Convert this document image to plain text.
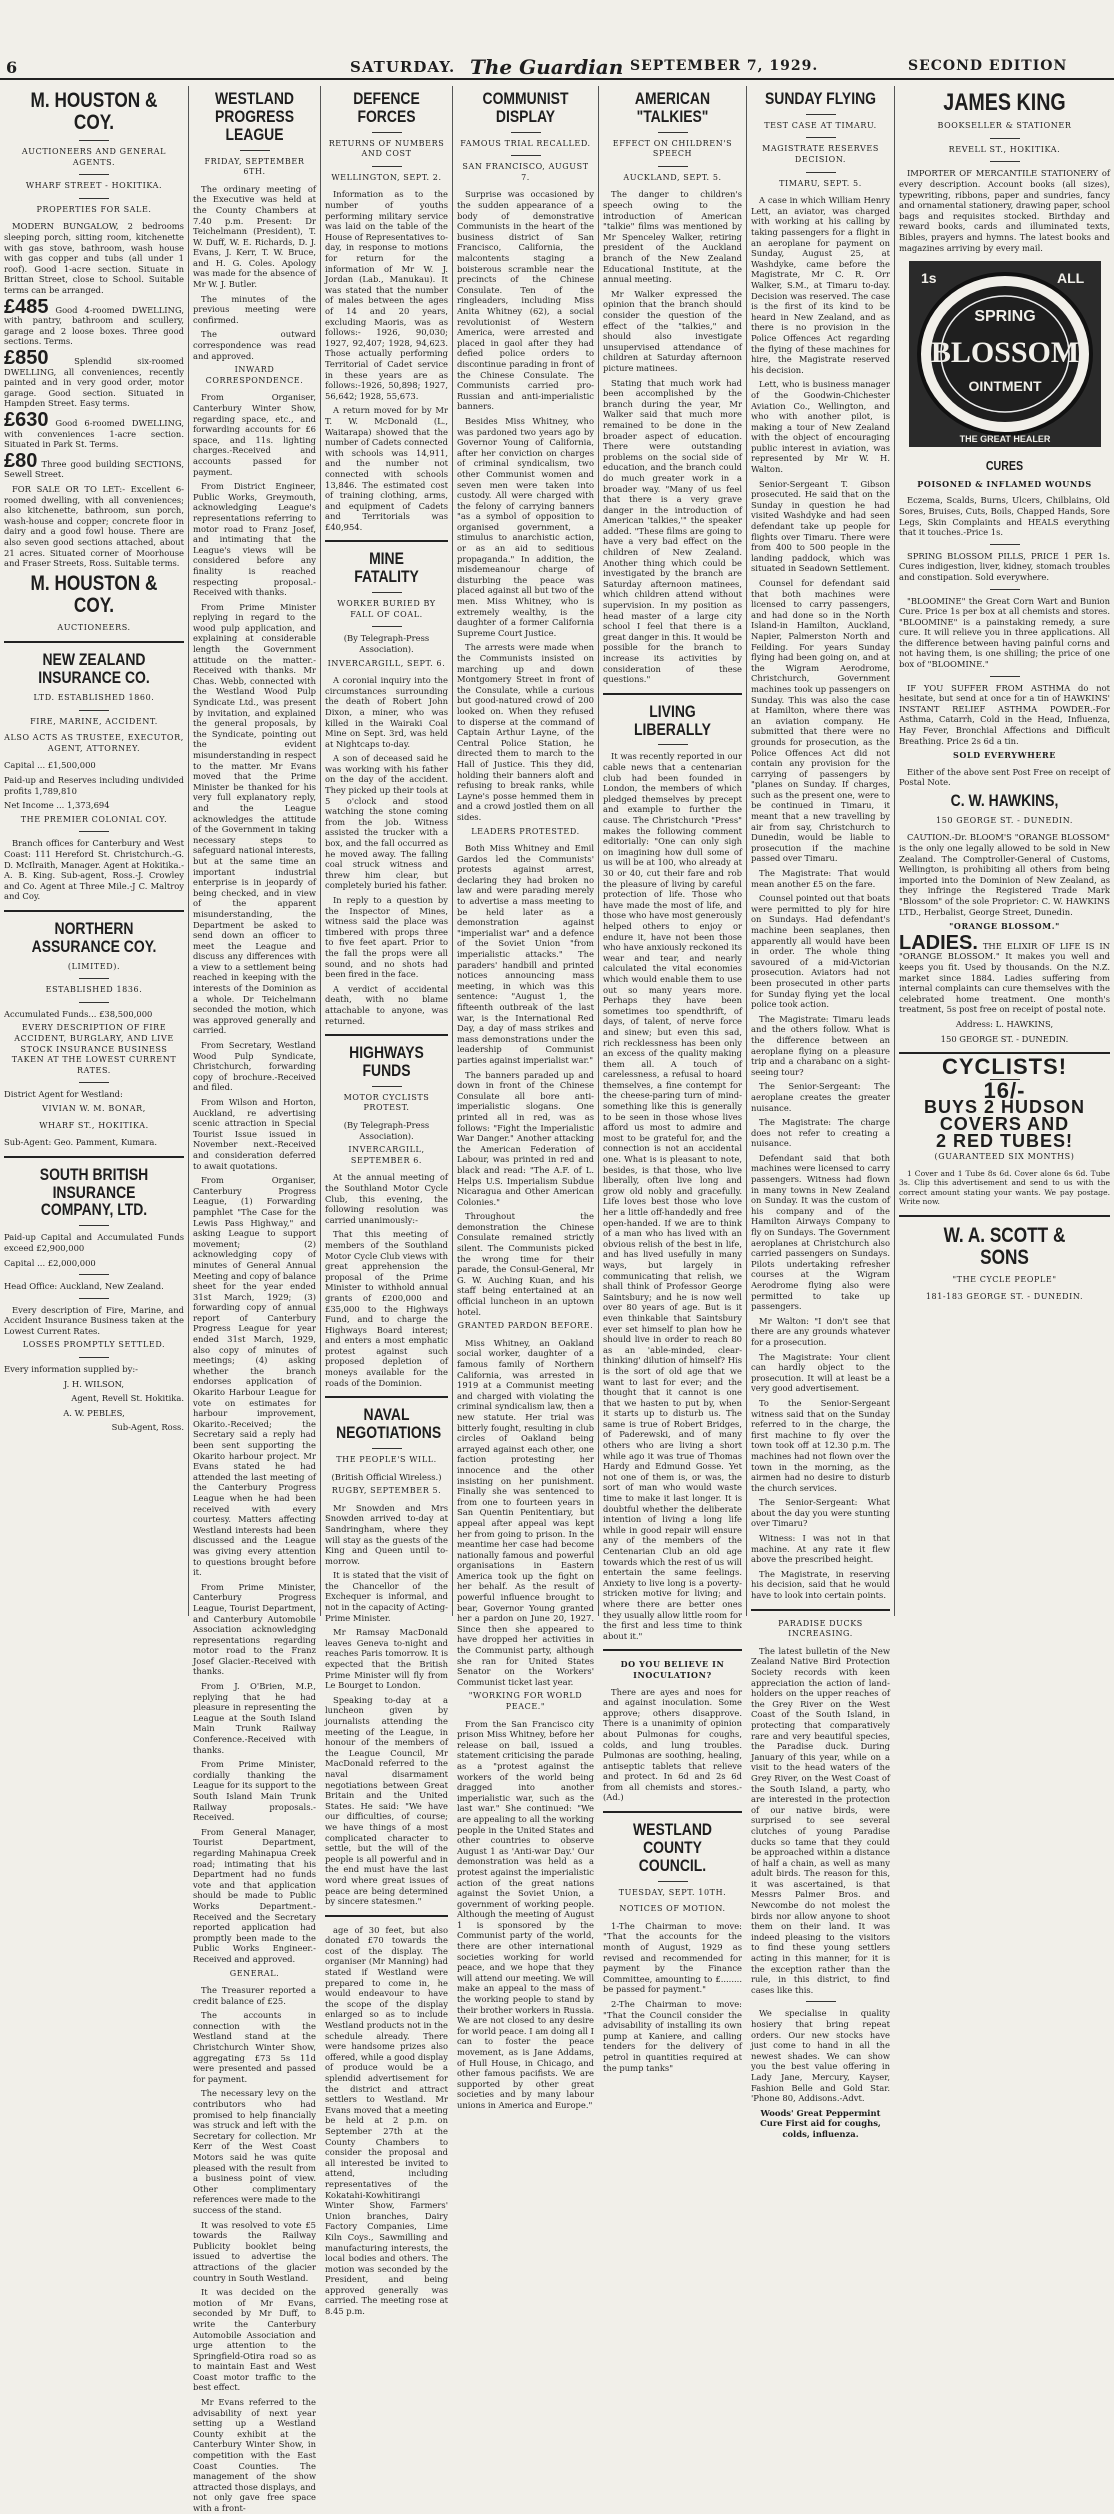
6	SATURDAY. The Guardian SEPTEMBER 7, 1929.	SECOND EDITION
M. HOUSTON & COY.
AUCTIONEERS AND GENERAL AGENTS.
WHARF STREET - HOKITIKA.
PROPERTIES FOR SALE.

MODERN BUNGALOW, 2 bedrooms sleeping porch, sitting room, kitchenette with gas stove, bathroom, wash house with gas copper and tubs (all under 1 roof). Good 1-acre section. Situate in Brittan Street, close to School. Suitable terms can be arranged.

£485 Good 4-roomed DWELLING, with pantry, bathroom and scullery, garage and 2 loose boxes. Three good sections. Terms.

£850	Splendid six-roomed DWELLING, all conveniences, recently painted and in very good order, motor garage. Good section. Situated in Hampden Street. Easy terms.

£630 Good 6-roomed DWELLING, with conveniences 1-acre section. Situated in Park St. Terms.

£80 Three good building SECTIONS, Sewell Street.

FOR SALE OR TO LET:- Excellent 6-roomed dwelling, with all conveniences; also kitchenette, bathroom, sun porch, wash-house and copper; concrete floor in dairy and a good fowl house. There are also seven good sections attached, about 21 acres. Situated corner of Moorhouse and Fraser Streets, Ross. Suitable terms.

M. HOUSTON & COY.
AUCTIONEERS.
NEW ZEALAND INSURANCE CO.
LTD. ESTABLISHED 1860.
FIRE, MARINE, ACCIDENT.
ALSO ACTS AS TRUSTEE, EXECUTOR, AGENT, ATTORNEY.

Capital ... £1,500,000

Paid-up and Reserves including undivided profits 1,789,810

Net Income ... 1,373,694

THE PREMIER COLONIAL COY.

Branch offices for Canterbury and West Coast: 111 Hereford St. Christchurch.-G. D. McIlraith, Manager. Agent at Hokitika.-A. B. King. Sub-agent, Ross.-J. Crowley and Co. Agent at Three Mile.-J C. Maltroy and Coy.

NORTHERN ASSURANCE COY.
(LIMITED).
ESTABLISHED 1836.

Accumulated Funds... £38,500,000

EVERY DESCRIPTION OF FIRE ACCIDENT, BURGLARY, AND LIVE STOCK INSURANCE BUSINESS TAKEN AT THE LOWEST CURRENT RATES.

District Agent for Westland:

VIVIAN W. M. BONAR,
WHARF ST., HOKITIKA.

Sub-Agent: Geo. Pamment, Kumara.

SOUTH BRITISH INSURANCE COMPANY, LTD.

Paid-up Capital and Accumulated Funds exceed £2,900,000

Capital ... £2,000,000

Head Office: Auckland, New Zealand.

Every description of Fire, Marine, and Accident Insurance Business taken at the Lowest Current Rates.

LOSSES PROMPTLY SETTLED.

Every information supplied by:-

J. H. WILSON,

Agent, Revell St. Hokitika.

A. W. PEBLES,

Sub-Agent, Ross.

WESTLAND PROGRESS LEAGUE
FRIDAY, SEPTEMBER 6TH.

The ordinary meeting of the Executive was held at the County Chambers at 7.40 p.m. Present: Dr Teichelmann (President), T. W. Duff, W. E. Richards, D. J. Evans, J. Kerr, T. W. Bruce, and H. G. Coles. Apology was made for the absence of Mr W. J. Butler.

The minutes of the previous meeting were confirmed.

The outward correspondence was read and approved.

INWARD CORRESPONDENCE.

From Organiser, Canterbury Winter Show, regarding space, etc., and forwarding accounts for £6 space, and 11s. lighting charges.-Received and accounts passed for payment.

From District Engineer, Public Works, Greymouth, acknowledging League's representations referring to motor road to Franz Josef, and intimating that the League's views will be considered before any finality is reached respecting proposal.-Received with thanks.

From Prime Minister replying in regard to the wood pulp application, and explaining at considerable length the Government attitude on the matter.-Received with thanks. Mr Chas. Webb, connected with the Westland Wood Pulp Syndicate Ltd., was present by invitation, and explained the general proposals, by the Syndicate, pointing out the evident misunderstanding in respect to the matter. Mr Evans moved that the Prime Minister be thanked for his very full explanatory reply, and the League acknowledges the attitude of the Government in taking necessary steps to safeguard national interests, but at the same time an important industrial enterprise is in jeopardy of being checked, and in view of the apparent misunderstanding, the Department be asked to send down an officer to meet the League and discuss any differences with a view to a settlement being reached in keeping with the interests of the Dominion as a whole. Dr Teichelmann seconded the motion, which was approved generally and carried.

From Secretary, Westland Wood Pulp Syndicate, Christchurch, forwarding copy of brochure.-Received and filed.

From Wilson and Horton, Auckland, re advertising scenic attraction in Special Tourist Issue issued in November next.-Received and consideration deferred to await quotations.

From Organiser, Canterbury Progress League, (1) Forwarding pamphlet "The Case for the Lewis Pass Highway," and asking League to support movement; (2) acknowledging copy of minutes of General Annual Meeting and copy of balance sheet for the year ended 31st March, 1929; (3) forwarding copy of annual report of Canterbury Progress League for year ended 31st March, 1929, also copy of minutes of meetings; (4) asking whether the branch endorses application of Okarito Harbour League for vote on estimates for harbour improvement, Okarito.-Received; the Secretary said a reply had been sent supporting the Okarito harbour project. Mr Evans stated he had attended the last meeting of the Canterbury Progress League when he had been received with every courtesy. Matters affecting Westland interests had been discussed and the League was giving every attention to questions brought before it.

From Prime Minister, Canterbury Progress League, Tourist Department, and Canterbury Automobile Association acknowledging representations regarding motor road to the Franz Josef Glacier.-Received with thanks.

From J. O'Brien, M.P., replying that he had pleasure in representing the League at the South Island Main Trunk Railway Conference.-Received with thanks.

From Prime Minister, cordially thanking the League for its support to the South Island Main Trunk Railway proposals.-Received.

From General Manager, Tourist Department, regarding Mahinapua Creek road; intimating that his Department had no funds vote and that application should be made to Public Works Department.-Received and the Secretary reported application had promptly been made to the Public Works Engineer.-Received and approved.

GENERAL.

The Treasurer reported a credit balance of £25.

The accounts in connection with the Westland stand at the Christchurch Winter Show, aggregating £73 5s 11d were presented and passed for payment.

The necessary levy on the contributors who had promised to help financially was struck and left with the Secretary for collection. Mr Kerr of the West Coast Motors said he was quite pleased with the result from a business point of view. Other complimentary references were made to the success of the stand.

It was resolved to vote £5 towards the Railway Publicity booklet being issued to advertise the attractions of the glacier country in South Westland.

It was decided on the motion of Mr Evans, seconded by Mr Duff, to write the Canterbury Automobile Association and urge attention to the Springfield-Otira road so as to maintain East and West Coast motor traffic to the best effect.

Mr Evans referred to the advisability of next year setting up a Westland County exhibit at the Canterbury Winter Show, in competition with the East Coast Counties. The management of the show attracted those displays, and not only gave free space with a front-

DEFENCE FORCES
RETURNS OF NUMBERS AND COST
WELLINGTON, SEPT. 2.

Information as to the number of youths performing military service was laid on the table of the House of Representatives to-day, in response to motions for return for the information of Mr W. J. Jordan (Lab., Manukau). It was stated that the number of males between the ages of 14 and 20 years, excluding Maoris, was as follows:- 1926, 90,030; 1927, 92,407; 1928, 94,623. Those actually performing Territorial of Cadet service in these years are as follows:-1926, 50,898; 1927, 56,642; 1928, 55,673.

A return moved for by Mr T. W. McDonald (L., Waitarapa) showed that the number of Cadets connected with schools was 14,911, and the number not connected with schools 13,846. The estimated cost of training clothing, arms, and equipment of Cadets and Territorials was £40,954.

MINE FATALITY
WORKER BURIED BY FALL OF COAL.

(By Telegraph-Press Association).

INVERCARGILL, SEPT. 6.

A coronial inquiry into the circumstances surrounding the death of Robert John Dixon, a miner, who was killed in the Wairaki Coal Mine on Sept. 3rd, was held at Nightcaps to-day.

A son of deceased said he was working with his father on the day of the accident. They picked up their tools at 5 o'clock and stood watching the stone coming from the job. Witness assisted the trucker with a box, and the fall occurred as he moved away. The falling coal struck witness and threw him clear, but completely buried his father.

In reply to a question by the Inspector of Mines, witness said the place was timbered with props three to five feet apart. Prior to the fall the props were all sound, and no shots had been fired in the face.

A verdict of accidental death, with no blame attachable to anyone, was returned.

HIGHWAYS FUNDS
MOTOR CYCLISTS PROTEST.

(By Telegraph-Press Association).

INVERCARGILL, SEPTEMBER 6.

At the annual meeting of the Southland Motor Cycle Club, this evening, the following resolution was carried unanimously:-

That this meeting of members of the Southland Motor Cycle Club views with great apprehension the proposal of the Prime Minister to withhold annual grants of £200,000 and £35,000 to the Highways Fund, and to charge the Highways Board interest; and enters a most emphatic protest against such proposed depletion of moneys available for the roads of the Dominion.

NAVAL NEGOTIATIONS
THE PEOPLE'S WILL.

(British Official Wireless.)

RUGBY, SEPTEMBER 5.

Mr Snowden and Mrs Snowden arrived to-day at Sandringham, where they will stay as the guests of the King and Queen until to-morrow.

It is stated that the visit of the Chancellor of the Exchequer is informal, and not in the capacity of Acting-Prime Minister.

Mr Ramsay MacDonald leaves Geneva to-night and reaches Paris tomorrow. It is expected that the British Prime Minister will fly from Le Bourget to London.

Speaking to-day at a luncheon given by journalists attending the meeting of the League, in honour of the members of the League Council, Mr MacDonald referred to the naval disarmament negotiations between Great Britain and the United States. He said: "We have our difficulties, of course; we have things of a most complicated character to settle, but the will of the people is all powerful and in the end must have the last word where great issues of peace are being determined by sincere statesmen."

age of 30 feet, but also donated £70 towards the cost of the display. The organiser (Mr Manning) had stated if Westland were prepared to come in, he would endeavour to have the scope of the display enlarged so as to include Westland products not in the schedule already. There were handsome prizes also offered, while a good display of produce would be a splendid advertisement for the district and attract settlers to Westland. Mr Evans moved that a meeting be held at 2 p.m. on September 27th at the County Chambers to consider the proposal and all interested be invited to attend, including representatives of the Kokatahi-Kowhitirangi Winter Show, Farmers' Union branches, Dairy Factory Companies, Lime Kiln Coys., Sawmilling and manufacturing interests, the local bodies and others. The motion was seconded by the President, and being approved generally was carried. The meeting rose at 8.45 p.m.

COMMUNIST DISPLAY
FAMOUS TRIAL RECALLED.
SAN FRANCISCO, AUGUST 7.

Surprise was occasioned by the sudden appearance of a body of demonstrative Communists in the heart of the business district of San Francisco, California, the malcontents staging a boisterous scramble near the precincts of the Chinese Consulate. Ten of the ringleaders, including Miss Anita Whitney (62), a social revolutionist of Western America, were arrested and placed in gaol after they had defied police orders to discontinue parading in front of the Chinese Consulate. The Communists carried pro-Russian and anti-imperialistic banners.

Besides Miss Whitney, who was pardoned two years ago by Governor Young of California, after her conviction on charges of criminal syndicalism, two other Communist women and seven men were taken into custody. All were charged with the felony of carrying banners "as a symbol of opposition to organised government, a stimulus to anarchistic action, or as an aid to seditious propaganda." In addition, the misdemeanour charge of disturbing the peace was placed against all but two of the men. Miss Whitney, who is extremely wealthy, is the daughter of a former California Supreme Court Justice.

The arrests were made when the Communists insisted on marching up and down Montgomery Street in front of the Consulate, while a curious but good-natured crowd of 200 looked on. When they refused to disperse at the command of Captain Arthur Layne, of the Central Police Station, he directed them to march to the Hall of Justice. This they did, holding their banners aloft and refusing to break ranks, while Layne's posse hemmed them in and a crowd jostled them on all sides.

LEADERS PROTESTED.

Both Miss Whitney and Emil Gardos led the Communists' protests against arrest, declaring they had broken no law and were parading merely to advertise a mass meeting to be held later as a demonstration against "imperialist war" and a defence of the Soviet Union "from imperialistic attacks." The paraders' handbill and printed notices announcing mass meeting, in which was this sentence: "August 1, the fifteenth outbreak of the last war, is the International Red Day, a day of mass strikes and mass demonstrations under the leadership of Communist parties against imperialist war."

The banners paraded up and down in front of the Chinese Consulate all bore anti-imperialistic slogans. One printed all in red, was as follows: "Fight the Imperialistic War Danger." Another attacking the American Federation of Labour, was printed in red and black and read: "The A.F. of L. Helps U.S. Imperialism Subdue Nicaragua and Other American Colonies."

Throughout the demonstration the Chinese Consulate remained strictly silent. The Communists picked the wrong time for their parade, the Consul-General, Mr G. W. Auching Kuan, and his staff being entertained at an official luncheon in an uptown hotel.

GRANTED PARDON BEFORE.

Miss Whitney, an Oakland social worker, daughter of a famous family of Northern California, was arrested in 1919 at a Communist meeting and charged with violating the criminal syndicalism law, then a new statute. Her trial was bitterly fought, resulting in club circles of Oakland being arrayed against each other, one faction protesting her innocence and the other insisting on her punishment. Finally she was sentenced to from one to fourteen years in San Quentin Penitentiary, but appeal after appeal was kept her from going to prison. In the meantime her case had become nationally famous and powerful organisations in Eastern America took up the fight on her behalf. As the result of powerful influence brought to bear, Governor Young granted her a pardon on June 20, 1927. Since then she appeared to have dropped her activities in the Communist party, although she ran for United States Senator on the Workers' Communist ticket last year.

"WORKING FOR WORLD PEACE."

From the San Francisco city prison Miss Whitney, before her release on bail, issued a statement criticising the parade as a "protest against the workers of the world being dragged into another imperialistic war, such as the last war." She continued: "We are appealing to all the working people in the United States and other countries to observe August 1 as 'Anti-war Day.' Our demonstration was held as a protest against the imperialistic action of the great nations against the Soviet Union, a government of working people. Although the meeting of August 1 is sponsored by the Communist party of the world, there are other international societies working for world peace, and we hope that they will attend our meeting. We will make an appeal to the mass of the working people to stand by their brother workers in Russia. We are not closed to any desire for world peace. I am doing all I can to foster the peace movement, as is Jane Addams, of Hull House, in Chicago, and other famous pacifists. We are supported by other great societies and by many labour unions in America and Europe."

AMERICAN "TALKIES"
EFFECT ON CHILDREN'S SPEECH
AUCKLAND, SEPT. 5.

The danger to children's speech owing to the introduction of American "talkie" films was mentioned by Mr Spenceley Walker, retiring president of the Auckland branch of the New Zealand Educational Institute, at the annual meeting.

Mr Walker expressed the opinion that the branch should consider the question of the effect of the "talkies," and should also investigate unsupervised attendance of children at Saturday afternoon picture matinees.

Stating that much work had been accomplished by the branch during the year, Mr Walker said that much more remained to be done in the broader aspect of education. There were outstanding problems on the social side of education, and the branch could do much greater work in a broader way. "Many of us feel that there is a very grave danger in the introduction of American 'talkies,'" the speaker added. "These films are going to have a very bad effect on the children of New Zealand. Another thing which could be investigated by the branch are Saturday afternoon matinees, which children attend without supervision. In my position as head master of a large city school I feel that there is a great danger in this. It would be possible for the branch to increase its activities by consideration of these questions."

LIVING LIBERALLY

It was recently reported in our cable news that a centenarian club had been founded in London, the members of which pledged themselves by precept and example to further the cause. The Christchurch "Press" makes the following comment editorially: "One can only sigh on imagining how dull some of us will be at 100, who already at 30 or 40, cut their fare and rob the pleasure of living by careful protection of life. Those who have made the most of life, and those who have most generously helped others to enjoy or endure it, have not been those who have anxiously reckoned its wear and tear, and nearly calculated the vital economies which would enable them to use out so many years more. Perhaps they have been sometimes too spendthrift, of days, of talent, of nerve force and sinew; but even this sad, rich recklessness has been only an excess of the quality making them all. A touch of carelessness, a refusal to hoard themselves, a fine contempt for the cheese-paring turn of mind-something like this is generally to be seen in those whose lives afford us most to admire and most to be grateful for, and the connection is not an accidental one. What is is pleasant to note, besides, is that those, who live liberally, often live long and grow old nobly and gracefully. Life loves best those who love her a little off-handedly and free open-handed. If we are to think of a man who has lived with an obvious relish of the best in life, and has lived usefully in many ways, but largely in communicating that relish, we shall think of Professor George Saintsbury; and he is now well over 80 years of age. But is it even thinkable that Saintsbury ever set himself to plan how he should live in order to reach 80 as an 'able-minded, clear-thinking' dilution of himself? His is the sort of old age that we want to last for ever; and the thought that it cannot is one that we hasten to put by, when it starts up to disturb us. The same is true of Robert Bridges, of Paderewski, and of many others who are living a short while ago it was true of Thomas Hardy and Edmund Gosse. Yet not one of them is, or was, the sort of man who would waste time to make it last longer. It is doubtful whether the deliberate intention of living a long life while in good repair will ensure any of the members of the Centenarian Club an old age towards which the rest of us will entertain the same feelings. Anxiety to live long is a poverty-stricken motive for living; and where there are better ones they usually allow little room for the first and less time to think about it."

DO YOU BELIEVE IN INOCULATION?

There are ayes and noes for and against inoculation. Some approve; others disapprove. There is a unanimity of opinion about Pulmonas for coughs, colds, and lung troubles. Pulmonas are soothing, healing, antiseptic tablets that relieve and protect. In 6d and 2s 6d from all chemists and stores.-(Ad.)

WESTLAND COUNTY COUNCIL.
TUESDAY, SEPT. 10TH.
NOTICES OF MOTION.

1-The Chairman to move: "That the accounts for the month of August, 1929 as revised and recommended for payment by the Finance Committee, amounting to £........ be passed for payment."

2-The Chairman to move: "That the Council consider the advisability of installing its own pump at Kaniere, and calling tenders for the delivery of petrol in quantities required at the pump tanks"

SUNDAY FLYING
TEST CASE AT TIMARU.
MAGISTRATE RESERVES DECISION.
TIMARU, SEPT. 5.

A case in which William Henry Lett, an aviator, was charged with working at his calling by taking passengers for a flight in an aeroplane for payment on Sunday, August 25, at Washdyke, came before the Magistrate, Mr C. R. Orr Walker, S.M., at Timaru to-day. Decision was reserved. The case is the first of its kind to be heard in New Zealand, and as there is no provision in the Police Offences Act regarding the flying of these machines for hire, the Magistrate reserved his decision.

Lett, who is business manager of the Goodwin-Chichester Aviation Co., Wellington, and who with another pilot, is making a tour of New Zealand with the object of encouraging public interest in aviation, was represented by Mr W. H. Walton.

Senior-Sergeant T. Gibson prosecuted. He said that on the Sunday in question he had visited Washdyke and had seen defendant take up people for flights over Timaru. There were from 400 to 500 people in the landing paddock, which was situated in Seadown Settlement.

Counsel for defendant said that both machines were licensed to carry passengers, and had done so in the North Island-in Hamilton, Auckland, Napier, Palmerston North and Feilding. For years Sunday flying had been going on, and at the Wigram Aerodrome, Christchurch, Government machines took up passengers on Sunday. This was also the case at Hamilton, where there was an aviation company. He submitted that there were no grounds for prosecution, as the Police Offences Act did not contain any provision for the carrying of passengers by "planes on Sunday. If charges, such as the present one, were to be continued in Timaru, it meant that a new travelling by air from say, Christchurch to Dunedin, would be liable to prosecution if the machine passed over Timaru.

The Magistrate: That would mean another £5 on the fare.

Counsel pointed out that boats were permitted to ply for hire on Sundays. Had defendant's machine been seaplanes, then apparently all would have been in order. The whole thing savoured of a mid-Victorian prosecution. Aviators had not been prosecuted in other parts for Sunday flying yet the local police took action.

The Magistrate: Timaru leads and the others follow. What is the difference between an aeroplane flying on a pleasure trip and a charabanc on a sight-seeing tour?

The Senior-Sergeant: The aeroplane creates the greater nuisance.

The Magistrate: The charge does not refer to creating a nuisance.

Defendant said that both machines were licensed to carry passengers. Witness had flown in many towns in New Zealand on Sunday. It was the custom of his company and of the Hamilton Airways Company to fly on Sundays. The Government aeroplanes at Christchurch also carried passengers on Sundays. Pilots undertaking refresher courses at the Wigram Aerodrome flying also were permitted to take up passengers.

Mr Walton: "I don't see that there are any grounds whatever for a prosecution.

The Magistrate: Your client can hardly object to the prosecution. It will at least be a very good advertisement.

To the Senior-Sergeant witness said that on the Sunday referred to in the charge, the first machine to fly over the town took off at 12.30 p.m. The machines had not flown over the town in the morning, as the airmen had no desire to disturb the church services.

The Senior-Sergeant: What about the day you were stunting over Timaru?

Witness: I was not in that machine. At any rate it flew above the prescribed height.

The Magistrate, in reserving his decision, said that he would have to look into certain points.

PARADISE DUCKS INCREASING.

The latest bulletin of the New Zealand Native Bird Protection Society records with keen appreciation the action of land-holders on the upper reaches of the Grey River on the West Coast of the South Island, in protecting that comparatively rare and very beautiful species, the Paradise duck. During January of this year, while on a visit to the head waters of the Grey River, on the West Coast of the South Island, a party, who are interested in the protection of our native birds, were surprised to see several clutches of young Paradise ducks so tame that they could be approached within a distance of half a chain, as well as many adult birds. The reason for this, it was ascertained, is that Messrs Palmer Bros. and Newcombe do not molest the birds nor allow anyone to shoot them on their land. It was indeed pleasing to the visitors to find these young settlers acting in this manner, for it is the exception rather than the rule, in this district, to find cases like this.

We specialise in quality hosiery that bring repeat orders. Our new stocks have just come to hand in all the newest shades. We can show you the best value offering in Lady Jane, Mercury, Kayser, Fashion Belle and Gold Star. 'Phone 80, Addisons.-Advt.

Woods' Great Peppermint Cure First aid for coughs, colds, influenza.

JAMES KING
BOOKSELLER & STATIONER
REVELL ST., HOKITIKA.

IMPORTER OF MERCANTILE STATIONERY of every description. Account books (all sizes), typewriting, ribbons, paper and sundries, fancy and ornamental stationery, drawing paper, school bags and requisites stocked. Birthday and reward books, cards and illuminated texts, Bibles, prayers and hymns. The latest books and magazines arriving by every mail.

SPRING
BLOSSOM
OINTMENT
1s	ALL
THE GREAT HEALER
CURES
POISONED & INFLAMED WOUNDS

Eczema, Scalds, Burns, Ulcers, Chilblains, Old Sores, Bruises, Cuts, Boils, Chapped Hands, Sore Legs, Skin Complaints and HEALS everything that it touches.-Price 1s.

SPRING BLOSSOM PILLS, PRICE 1 PER 1s. Cures indigestion, liver, kidney, stomach troubles and constipation. Sold everywhere.

"BLOOMINE" the Great Corn Wart and Bunion Cure. Price 1s per box at all chemists and stores. "BLOOMINE" is a painstaking remedy, a sure cure. It will relieve you in three applications. All the difference between having painful corns and not having them, is one shilling; the price of one box of "BLOOMINE."

IF YOU SUFFER FROM ASTHMA do not hesitate, but send at once for a tin of HAWKINS' INSTANT RELIEF ASTHMA POWDER.-For Asthma, Catarrh, Cold in the Head, Influenza, Hay Fever, Bronchial Affections and Difficult Breathing. Price 2s 6d a tin.

SOLD EVERYWHERE

Either of the above sent Post Free on receipt of Postal Note.

C. W. HAWKINS,
150 GEORGE ST. - DUNEDIN.

CAUTION.-Dr. BLOOM'S "ORANGE BLOSSOM" is the only one legally allowed to be sold in New Zealand. The Comptroller-General of Customs, Wellington, is prohibiting all others from being imported into the Dominion of New Zealand, as they infringe the Registered Trade Mark "Blossom" of the sole Proprietor: C. W. HAWKINS LTD., Herbalist, George Street, Dunedin.

"ORANGE BLOSSOM."

LADIES. THE ELIXIR OF LIFE IS IN "ORANGE BLOSSOM." It makes you well and keeps you fit. Used by thousands. On the N.Z. market since 1884. Ladies suffering from internal complaints can cure themselves with the celebrated home treatment. One month's treatment, 5s post free on receipt of postal note.

Address: L. HAWKINS,

150 GEORGE ST. - DUNEDIN.

CYCLISTS!
16/-
BUYS 2 HUDSON
COVERS AND
2 RED TUBES!
(GUARANTEED SIX MONTHS)

1 Cover and 1 Tube 8s 6d. Cover alone 6s 6d. Tube 3s. Clip this advertisement and send to us with the correct amount stating your wants. We pay postage. Write now.

W. A. SCOTT & SONS
"THE CYCLE PEOPLE"
181-183 GEORGE ST. - DUNEDIN.
